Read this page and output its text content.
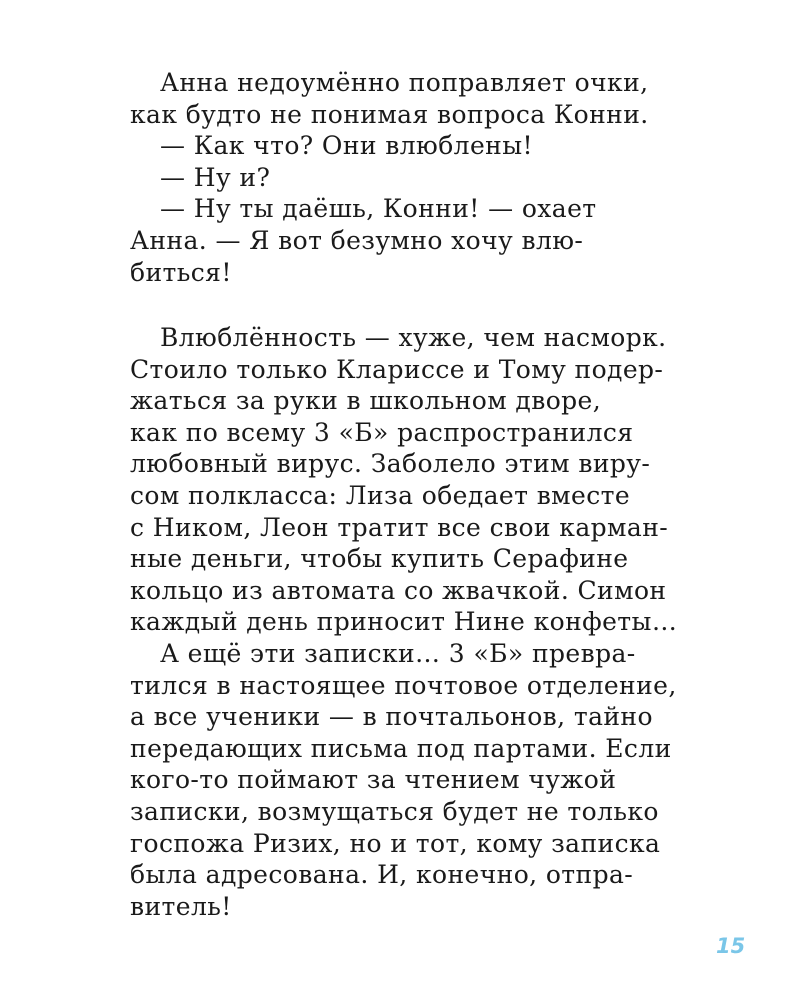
Анна недоумённо поправляет очки,
как будто не понимая вопроса Конни.
— Как что? Они влюблены!
— Ну и?
— Ну ты даёшь, Конни! — охает
Анна. — Я вот безумно хочу влю-
биться!
Влюблённость — хуже, чем насморк.
Стоило только Клариссе и Тому подер-
жаться за руки в школьном дворе,
как по всему 3 «Б» распространился
любовный вирус. Заболело этим виру-
сом полкласса: Лиза обедает вместе
с Ником, Леон тратит все свои карман-
ные деньги, чтобы купить Серафине
кольцо из автомата со жвачкой. Симон
каждый день приносит Нине конфеты…
А ещё эти записки… 3 «Б» превра-
тился в настоящее почтовое отделение,
а все ученики — в почтальонов, тайно
передающих письма под партами. Если
кого-то поймают за чтением чужой
записки, возмущаться будет не только
госпожа Ризих, но и тот, кому записка
была адресована. И, конечно, отпра-
витель!
15
